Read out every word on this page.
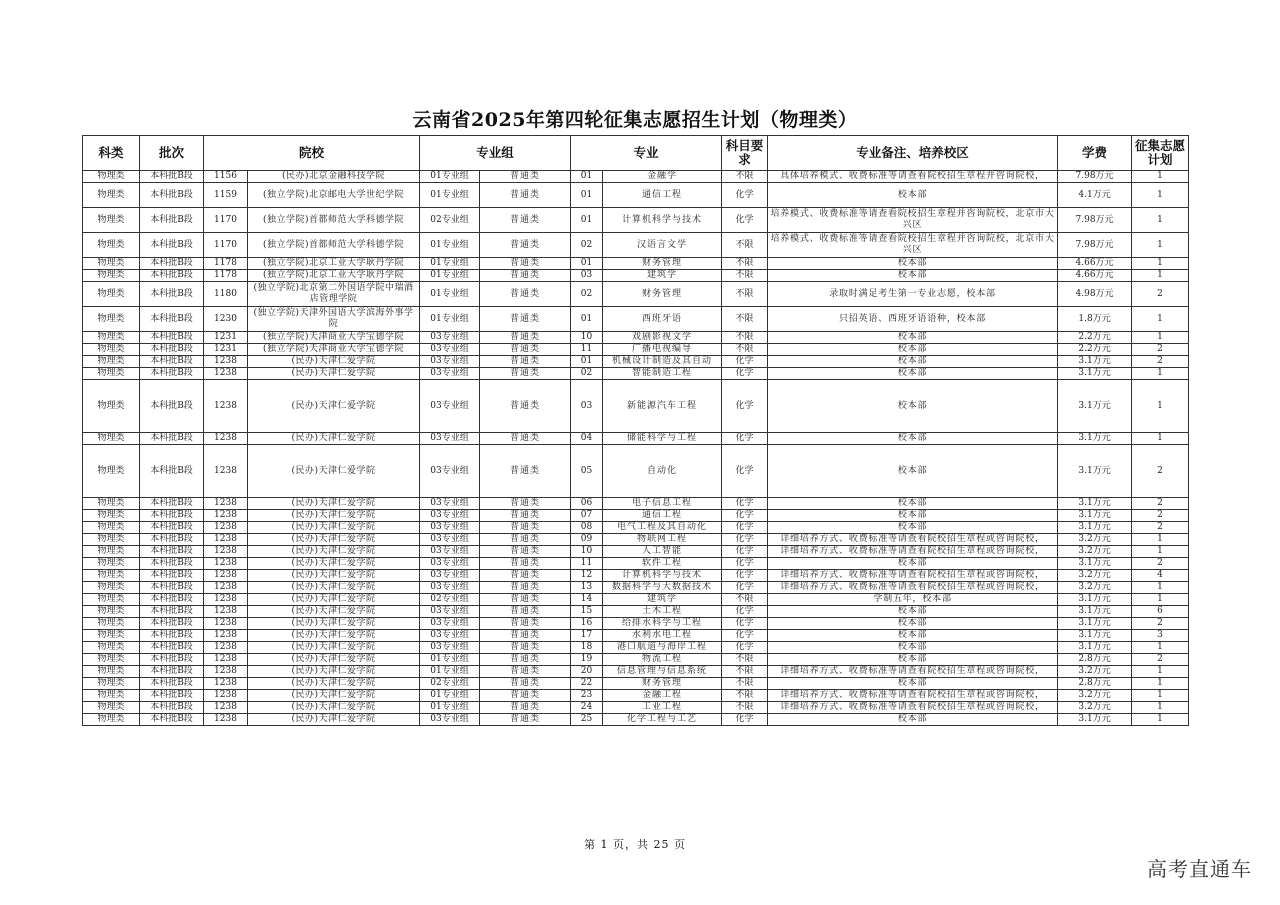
云南省2025年第四轮征集志愿招生计划（物理类）
科类	批次	院校		专业组		专业		科目要求	专业备注、培养校区	学费	征集志愿计划
物理类	本科批B段	1156	(民办)北京金融科技学院	01专业组	普通类	01	金融学	不限	具体培养模式、收费标准等请查看院校招生章程并咨询院校，	7.98万元	1
物理类	本科批B段	1159	(独立学院)北京邮电大学世纪学院	01专业组	普通类	01	通信工程	化学	校本部	4.1万元	1
物理类	本科批B段	1170	(独立学院)首都师范大学科德学院	02专业组	普通类	01	计算机科学与技术	化学	培养模式、收费标准等请查看院校招生章程并咨询院校，北京市大兴区	7.98万元	1
物理类	本科批B段	1170	(独立学院)首都师范大学科德学院	01专业组	普通类	02	汉语言文学	不限	培养模式、收费标准等请查看院校招生章程并咨询院校，北京市大兴区	7.98万元	1
物理类	本科批B段	1178	(独立学院)北京工业大学耿丹学院	01专业组	普通类	01	财务管理	不限	校本部	4.66万元	1
物理类	本科批B段	1178	(独立学院)北京工业大学耿丹学院	01专业组	普通类	03	建筑学	不限	校本部	4.66万元	1
物理类	本科批B段	1180	(独立学院)北京第二外国语学院中瑞酒店管理学院	01专业组	普通类	02	财务管理	不限	录取时满足考生第一专业志愿，校本部	4.98万元	2
物理类	本科批B段	1230	(独立学院)天津外国语大学滨海外事学院	01专业组	普通类	01	西班牙语	不限	只招英语、西班牙语语种，校本部	1.8万元	1
物理类	本科批B段	1231	(独立学院)天津商业大学宝德学院	03专业组	普通类	10	戏剧影视文学	不限	校本部	2.2万元	1
物理类	本科批B段	1231	(独立学院)天津商业大学宝德学院	03专业组	普通类	11	广播电视编导	不限	校本部	2.2万元	2
物理类	本科批B段	1238	(民办)天津仁爱学院	03专业组	普通类	01	机械设计制造及其自动	化学	校本部	3.1万元	2
物理类	本科批B段	1238	(民办)天津仁爱学院	03专业组	普通类	02	智能制造工程	化学	校本部	3.1万元	1
物理类	本科批B段	1238	(民办)天津仁爱学院	03专业组	普通类	03	新能源汽车工程	化学	校本部	3.1万元	1
物理类	本科批B段	1238	(民办)天津仁爱学院	03专业组	普通类	04	储能科学与工程	化学	校本部	3.1万元	1
物理类	本科批B段	1238	(民办)天津仁爱学院	03专业组	普通类	05	自动化	化学	校本部	3.1万元	2
物理类	本科批B段	1238	(民办)天津仁爱学院	03专业组	普通类	06	电子信息工程	化学	校本部	3.1万元	2
物理类	本科批B段	1238	(民办)天津仁爱学院	03专业组	普通类	07	通信工程	化学	校本部	3.1万元	2
物理类	本科批B段	1238	(民办)天津仁爱学院	03专业组	普通类	08	电气工程及其自动化	化学	校本部	3.1万元	2
物理类	本科批B段	1238	(民办)天津仁爱学院	03专业组	普通类	09	物联网工程	化学	详细培养方式、收费标准等请查看院校招生章程或咨询院校，	3.2万元	1
物理类	本科批B段	1238	(民办)天津仁爱学院	03专业组	普通类	10	人工智能	化学	详细培养方式、收费标准等请查看院校招生章程或咨询院校，	3.2万元	1
物理类	本科批B段	1238	(民办)天津仁爱学院	03专业组	普通类	11	软件工程	化学	校本部	3.1万元	2
物理类	本科批B段	1238	(民办)天津仁爱学院	03专业组	普通类	12	计算机科学与技术	化学	详细培养方式、收费标准等请查看院校招生章程或咨询院校，	3.2万元	4
物理类	本科批B段	1238	(民办)天津仁爱学院	03专业组	普通类	13	数据科学与大数据技术	化学	详细培养方式、收费标准等请查看院校招生章程或咨询院校，	3.2万元	1
物理类	本科批B段	1238	(民办)天津仁爱学院	02专业组	普通类	14	建筑学	不限	学制五年，校本部	3.1万元	1
物理类	本科批B段	1238	(民办)天津仁爱学院	03专业组	普通类	15	土木工程	化学	校本部	3.1万元	6
物理类	本科批B段	1238	(民办)天津仁爱学院	03专业组	普通类	16	给排水科学与工程	化学	校本部	3.1万元	2
物理类	本科批B段	1238	(民办)天津仁爱学院	03专业组	普通类	17	水利水电工程	化学	校本部	3.1万元	3
物理类	本科批B段	1238	(民办)天津仁爱学院	03专业组	普通类	18	港口航道与海岸工程	化学	校本部	3.1万元	1
物理类	本科批B段	1238	(民办)天津仁爱学院	01专业组	普通类	19	物流工程	不限	校本部	2.8万元	2
物理类	本科批B段	1238	(民办)天津仁爱学院	01专业组	普通类	20	信息管理与信息系统	不限	详细培养方式、收费标准等请查看院校招生章程或咨询院校，	3.2万元	1
物理类	本科批B段	1238	(民办)天津仁爱学院	02专业组	普通类	22	财务管理	不限	校本部	2.8万元	1
物理类	本科批B段	1238	(民办)天津仁爱学院	01专业组	普通类	23	金融工程	不限	详细培养方式、收费标准等请查看院校招生章程或咨询院校，	3.2万元	1
物理类	本科批B段	1238	(民办)天津仁爱学院	01专业组	普通类	24	工业工程	不限	详细培养方式、收费标准等请查看院校招生章程或咨询院校，	3.2万元	1
物理类	本科批B段	1238	(民办)天津仁爱学院	03专业组	普通类	25	化学工程与工艺	化学	校本部	3.1万元	1
第 1 页，共 25 页
高考直通车
